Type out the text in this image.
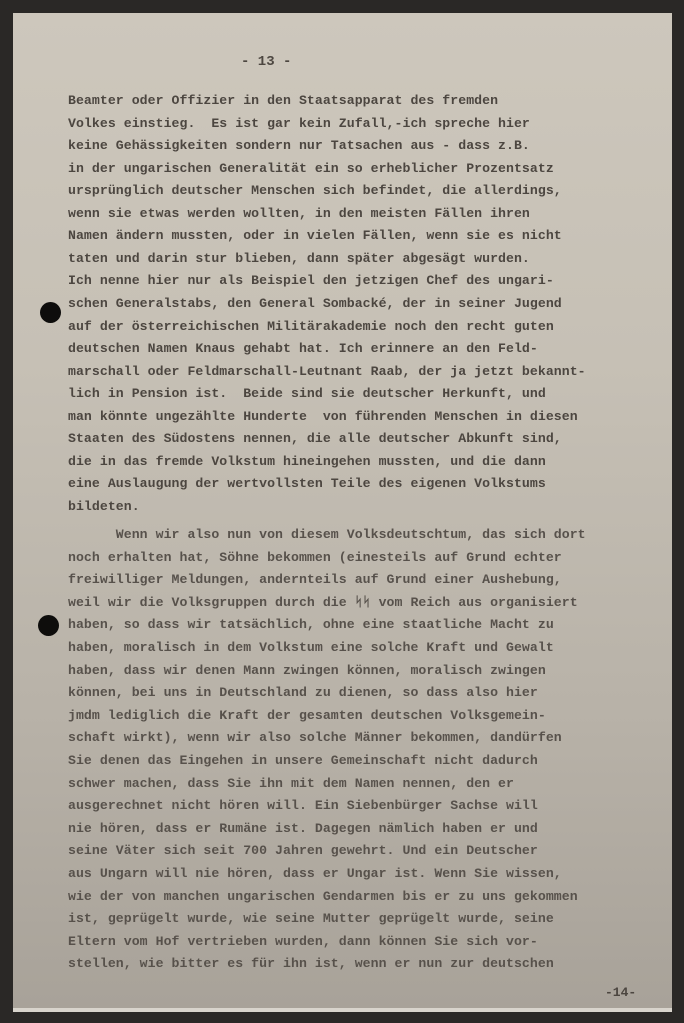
- 13 -
Beamter oder Offizier in den Staatsapparat des fremden
Volkes einstieg.  Es ist gar kein Zufall,-ich spreche hier
keine Gehässigkeiten sondern nur Tatsachen aus - dass z.B.
in der ungarischen Generalität ein so erheblicher Prozentsatz
ursprünglich deutscher Menschen sich befindet, die allerdings,
wenn sie etwas werden wollten, in den meisten Fällen ihren
Namen ändern mussten, oder in vielen Fällen, wenn sie es nicht
taten und darin stur blieben, dann später abgesägt wurden.
Ich nenne hier nur als Beispiel den jetzigen Chef des ungari-
schen Generalstabs, den General Sombacké, der in seiner Jugend
auf der österreichischen Militärakademie noch den recht guten
deutschen Namen Knaus gehabt hat. Ich erinnere an den Feld-
marschall oder Feldmarschall-Leutnant Raab, der ja jetzt bekannt-
lich in Pension ist.  Beide sind sie deutscher Herkunft, und
man könnte ungezählte Hunderte  von führenden Menschen in diesen
Staaten des Südostens nennen, die alle deutscher Abkunft sind,
die in das fremde Volkstum hineingehen mussten, und die dann
eine Auslaugung der wertvollsten Teile des eigenen Volkstums
bildeten.
Wenn wir also nun von diesem Volksdeutschtum, das sich dort
noch erhalten hat, Söhne bekommen (einesteils auf Grund echter
freiwilliger Meldungen, andernteils auf Grund einer Aushebung,
weil wir die Volksgruppen durch die ᛋᛋ vom Reich aus organisiert
haben, so dass wir tatsächlich, ohne eine staatliche Macht zu
haben, moralisch in dem Volkstum eine solche Kraft und Gewalt
haben, dass wir denen Mann zwingen können, moralisch zwingen
können, bei uns in Deutschland zu dienen, so dass also hier
jmdm lediglich die Kraft der gesamten deutschen Volksgemein-
schaft wirkt), wenn wir also solche Männer bekommen, dandürfen
Sie denen das Eingehen in unsere Gemeinschaft nicht dadurch
schwer machen, dass Sie ihn mit dem Namen nennen, den er
ausgerechnet nicht hören will. Ein Siebenbürger Sachse will
nie hören, dass er Rumäne ist. Dagegen nämlich haben er und
seine Väter sich seit 700 Jahren gewehrt. Und ein Deutscher
aus Ungarn will nie hören, dass er Ungar ist. Wenn Sie wissen,
wie der von manchen ungarischen Gendarmen bis er zu uns gekommen
ist, geprügelt wurde, wie seine Mutter geprügelt wurde, seine
Eltern vom Hof vertrieben wurden, dann können Sie sich vor-
stellen, wie bitter es für ihn ist, wenn er nun zur deutschen
-14-
